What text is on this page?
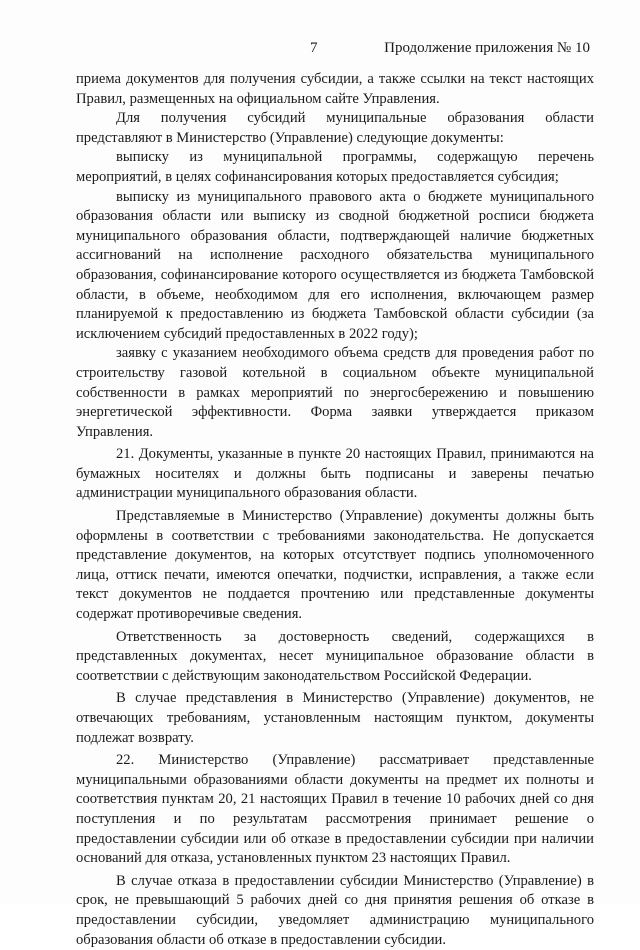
7	Продолжение приложения № 10

приема документов для получения субсидии, а также ссылки на текст настоящих Правил, размещенных на официальном сайте Управления.

Для получения субсидий муниципальные образования области представляют в Министерство (Управление) следующие документы:

выписку из муниципальной программы, содержащую перечень мероприятий, в целях софинансирования которых предоставляется субсидия;

выписку из муниципального правового акта о бюджете муниципального образования области или выписку из сводной бюджетной росписи бюджета муниципального образования области, подтверждающей наличие бюджетных ассигнований на исполнение расходного обязательства муниципального образования, софинансирование которого осуществляется из бюджета Тамбовской области, в объеме, необходимом для его исполнения, включающем размер планируемой к предоставлению из бюджета Тамбовской области субсидии (за исключением субсидий предоставленных в 2022 году);

заявку с указанием необходимого объема средств для проведения работ по строительству газовой котельной в социальном объекте муниципальной собственности в рамках мероприятий по энергосбережению и повышению энергетической эффективности. Форма заявки утверждается приказом Управления.

21. Документы, указанные в пункте 20 настоящих Правил, принимаются на бумажных носителях и должны быть подписаны и заверены печатью администрации муниципального образования области.

Представляемые в Министерство (Управление) документы должны быть оформлены в соответствии с требованиями законодательства. Не допускается представление документов, на которых отсутствует подпись уполномоченного лица, оттиск печати, имеются опечатки, подчистки, исправления, а также если текст документов не поддается прочтению или представленные документы содержат противоречивые сведения.

Ответственность за достоверность сведений, содержащихся в представленных документах, несет муниципальное образование области в соответствии с действующим законодательством Российской Федерации.

В случае представления в Министерство (Управление) документов, не отвечающих требованиям, установленным настоящим пунктом, документы подлежат возврату.

22. Министерство (Управление) рассматривает представленные муниципальными образованиями области документы на предмет их полноты и соответствия пунктам 20, 21 настоящих Правил в течение 10 рабочих дней со дня поступления и по результатам рассмотрения принимает решение о предоставлении субсидии или об отказе в предоставлении субсидии при наличии оснований для отказа, установленных пунктом 23 настоящих Правил.

В случае отказа в предоставлении субсидии Министерство (Управление) в срок, не превышающий 5 рабочих дней со дня принятия решения об отказе в предоставлении субсидии, уведомляет администрацию муниципального образования области об отказе в предоставлении субсидии.
